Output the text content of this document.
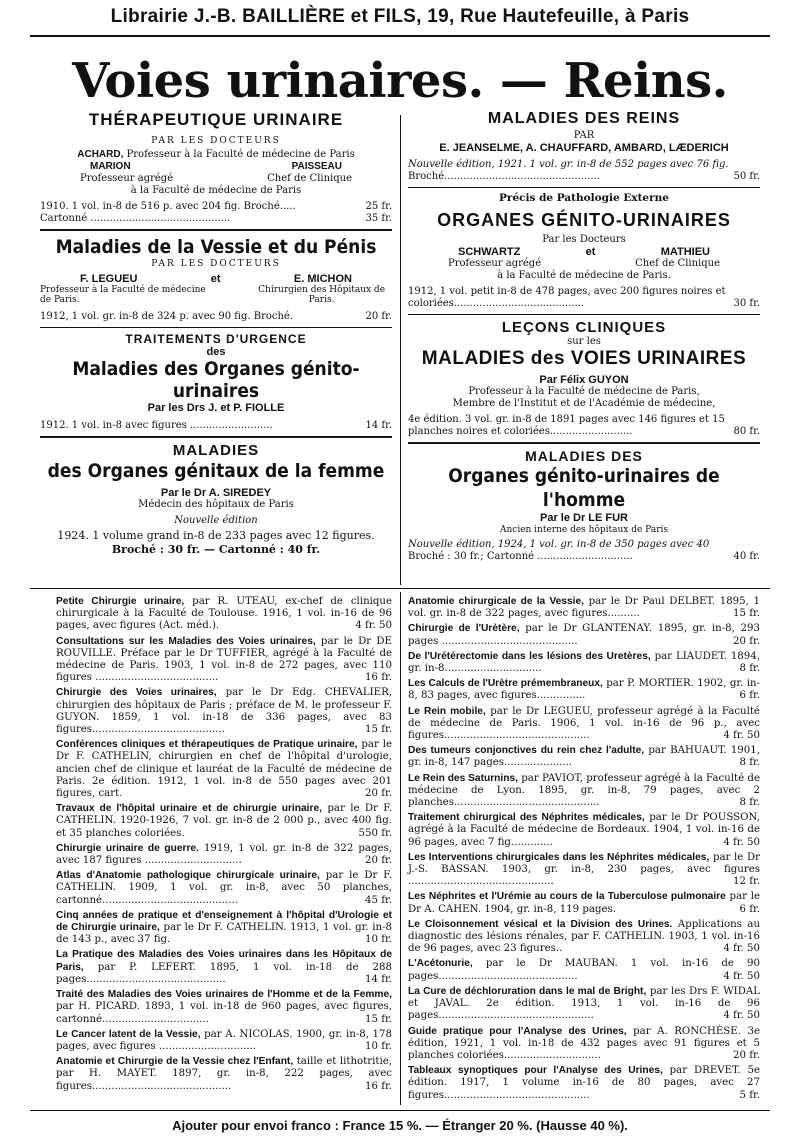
Librairie J.-B. BAILLIÈRE et FILS, 19, Rue Hautefeuille, à Paris
Voies urinaires. — Reins.
THÉRAPEUTIQUE URINAIRE
PAR LES DOCTEURS
ACHARD, Professeur à la Faculté de médecine de Paris
MARION	PAISSEAU
Professeur agrégé	Chef de Clinique
à la Faculté de médecine de Paris
1910. 1 vol. in-8 de 516 p. avec 204 fig. Broché.....	25 fr.
Cartonné ............................................	35 fr.
Maladies de la Vessie et du Pénis
PAR LES DOCTEURS
F. LEGUEU	et	E. MICHON
Professeur à la Faculté de médecine de Paris.
Chirurgien des Hôpitaux de Paris.
1912, 1 vol. gr. in-8 de 324 p. avec 90 fig. Broché.	20 fr.
TRAITEMENTS D'URGENCE
des
Maladies des Organes génito-urinaires
Par les Drs J. et P. FIOLLE
1912. 1 vol. in-8 avec figures ..........................	14 fr.
MALADIES
des Organes génitaux de la femme
Par le Dr A. SIREDEY
Médecin des hôpitaux de Paris
Nouvelle édition
1924. 1 volume grand in-8 de 233 pages avec 12 figures.
Broché : 30 fr. — Cartonné : 40 fr.
MALADIES DES REINS
PAR
E. JEANSELME, A. CHAUFFARD, AMBARD, LÆDERICH
Nouvelle édition, 1921. 1 vol. gr. in-8 de 552 pages avec 76 fig.
Broché.................................................	50 fr.
Précis de Pathologie Externe
ORGANES GÉNITO-URINAIRES
Par les Docteurs
SCHWARTZ	et	MATHIEU
Professeur agrégé	Chef de Clinique
à la Faculté de médecine de Paris.
1912, 1 vol. petit in-8 de 478 pages, avec 200 figures noires et coloriées.........................................	30 fr.
LEÇONS CLINIQUES
sur les
MALADIES des VOIES URINAIRES
Par Félix GUYON
Professeur à la Faculté de médecine de Paris,
Membre de l'Institut et de l'Académie de médecine,
4e édition. 3 vol. gr. in-8 de 1891 pages avec 146 figures et 15 planches noires et coloriées..........................	80 fr.
MALADIES DES
Organes génito-urinaires de l'homme
Par le Dr LE FUR
Ancien interne des hôpitaux de Paris
Nouvelle édition, 1924, 1 vol. gr. in-8 de 350 pages avec 40
Broché : 30 fr.; Cartonné ..............................	40 fr.
Petite Chirurgie urinaire, par R. UTEAU, ex-chef de clinique chirurgicale à la Faculté de Toulouse. 1916, 1 vol. in-16 de 96 pages, avec figures (Act. méd.).	4 fr. 50
Consultations sur les Maladies des Voies urinaires, par le Dr DE ROUVILLE. Préface par le Dr TUFFIER, agrégé à la Faculté de médecine de Paris. 1903, 1 vol. in-8 de 272 pages, avec 110 figures ......................................	16 fr.
Chirurgie des Voies urinaires, par le Dr Edg. CHEVALIER, chirurgien des hôpitaux de Paris ; préface de M. le professeur F. GUYON. 1859, 1 vol. in-18 de 336 pages, avec 83 figures.........................................	15 fr.
Conférences cliniques et thérapeutiques de Pratique urinaire, par le Dr F. CATHELIN, chirurgien en chef de l'hôpital d'urologie, ancien chef de clinique et lauréat de la Faculté de médecine de Paris. 2e édition. 1912, 1 vol. in-8 de 550 pages avec 201 figures, cart.	20 fr.
Travaux de l'hôpital urinaire et de chirurgie urinaire, par le Dr F. CATHELIN. 1920-1926, 7 vol. gr. in-8 de 2 000 p., avec 400 fig. et 35 planches coloriées.	550 fr.
Chirurgie urinaire de guerre. 1919, 1 vol. gr. in-8 de 322 pages, avec 187 figures ..............................	20 fr.
Atlas d'Anatomie pathologique chirurgicale urinaire, par le Dr F. CATHELIN. 1909, 1 vol. gr. in-8, avec 50 planches, cartonné..........................................	45 fr.
Cinq années de pratique et d'enseignement à l'hôpital d'Urologie et de Chirurgie urinaire, par le Dr F. CATHELIN. 1913, 1 vol. gr. in-8 de 143 p., avec 37 fig.	10 fr.
La Pratique des Maladies des Voies urinaires dans les Hôpitaux de Paris, par P. LEFERT. 1895, 1 vol. in-18 de 288 pages...........................................	14 fr.
Traité des Maladies des Voies urinaires de l'Homme et de la Femme, par H. PICARD. 1893, 1 vol. in-18 de 960 pages, avec figures, cartonné.................................	15 fr.
Le Cancer latent de la Vessie, par A. NICOLAS. 1900, gr. in-8, 178 pages, avec figures ..............................	10 fr.
Anatomie et Chirurgie de la Vessie chez l'Enfant, taille et lithotritie, par H. MAYET. 1897, gr. in-8, 222 pages, avec figures...........................................	16 fr.
Anatomie chirurgicale de la Vessie, par le Dr Paul DELBET. 1895, 1 vol. gr. in-8 de 322 pages, avec figures..........	15 fr.
Chirurgie de l'Urètère, par le Dr GLANTENAY. 1895, gr. in-8, 293 pages ..........................................	20 fr.
De l'Urétérectomie dans les lésions des Uretères, par LIAUDET. 1894, gr. in-8..............................	8 fr.
Les Calculs de l'Urètre prémembraneux, par P. MORTIER. 1902, gr. in-8, 83 pages, avec figures...............	6 fr.
Le Rein mobile, par le Dr LEGUEU, professeur agrégé à la Faculté de médecine de Paris. 1906, 1 vol. in-16 de 96 p., avec figures.............................................	4 fr. 50
Des tumeurs conjonctives du rein chez l'adulte, par BAHUAUT. 1901, gr. in-8, 147 pages.....................	8 fr.
Le Rein des Saturnins, par PAVIOT, professeur agrégé à la Faculté de médecine de Lyon. 1895, gr. in-8, 79 pages, avec 2 planches.............................................	8 fr.
Traitement chirurgical des Néphrites médicales, par le Dr POUSSON, agrégé à la Faculté de médecine de Bordeaux. 1904, 1 vol. in-16 de 96 pages, avec 7 fig.............	4 fr. 50
Les Interventions chirurgicales dans les Néphrites médicales, par le Dr J.-S. BASSAN. 1903, gr. in-8, 230 pages, avec figures .............................................	12 fr.
Les Néphrites et l'Urémie au cours de la Tuberculose pulmonaire par le Dr A. CAHEN. 1904, gr. in-8, 119 pages.	6 fr.
Le Cloisonnement vésical et la Division des Urines. Applications au diagnostic des lésions rénales, par F. CATHELIN. 1903, 1 vol. in-16 de 96 pages, avec 23 figures..	4 fr. 50
L'Acétonurie, par le Dr MAUBAN. 1 vol. in-16 de 90 pages...........................................	4 fr. 50
La Cure de déchloruration dans le mal de Bright, par les Drs F. WIDAL et JAVAL. 2e édition. 1913, 1 vol. in-16 de 96 pages................................................	4 fr. 50
Guide pratique pour l'Analyse des Urines, par A. RONCHÈSE. 3e édition, 1921, 1 vol. in-18 de 432 pages avec 91 figures et 5 planches coloriées..............................	20 fr.
Tableaux synoptiques pour l'Analyse des Urines, par DREVET. 5e édition. 1917, 1 volume in-16 de 80 pages, avec 27 figures.............................................	5 fr.
Ajouter pour envoi franco : France 15 %. — Étranger 20 %. (Hausse 40 %).
